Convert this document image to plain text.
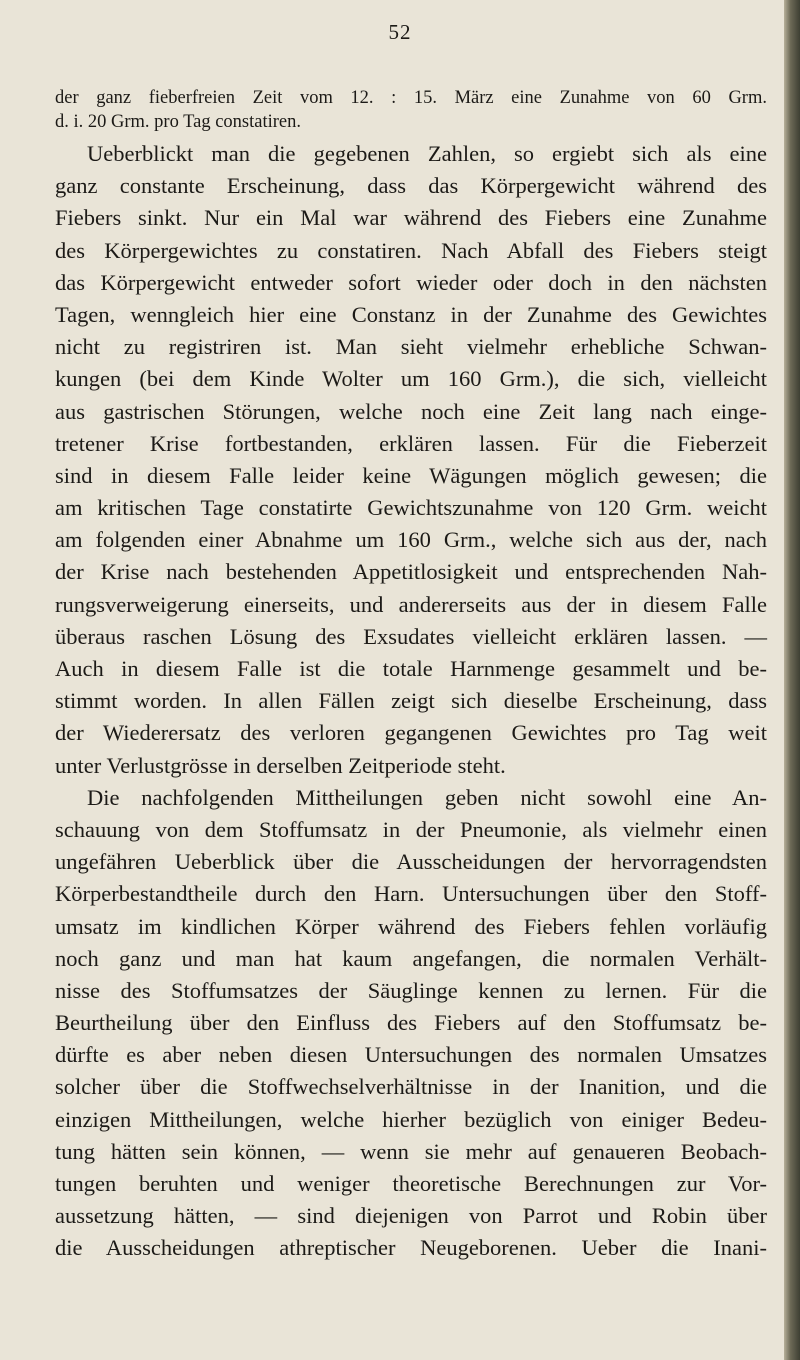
52
der ganz fieberfreien Zeit vom 12. : 15. März eine Zunahme von 60 Grm.
d. i. 20 Grm. pro Tag constatiren.
Ueberblickt man die gegebenen Zahlen, so ergiebt sich als eine
ganz constante Erscheinung, dass das Körpergewicht während des
Fiebers sinkt. Nur ein Mal war während des Fiebers eine Zunahme
des Körpergewichtes zu constatiren. Nach Abfall des Fiebers steigt
das Körpergewicht entweder sofort wieder oder doch in den nächsten
Tagen, wenngleich hier eine Constanz in der Zunahme des Gewichtes
nicht zu registriren ist. Man sieht vielmehr erhebliche Schwan-
kungen (bei dem Kinde Wolter um 160 Grm.), die sich, vielleicht
aus gastrischen Störungen, welche noch eine Zeit lang nach einge-
tretener Krise fortbestanden, erklären lassen. Für die Fieberzeit
sind in diesem Falle leider keine Wägungen möglich gewesen; die
am kritischen Tage constatirte Gewichtszunahme von 120 Grm. weicht
am folgenden einer Abnahme um 160 Grm., welche sich aus der, nach
der Krise nach bestehenden Appetitlosigkeit und entsprechenden Nah-
rungsverweigerung einerseits, und andererseits aus der in diesem Falle
überaus raschen Lösung des Exsudates vielleicht erklären lassen. —
Auch in diesem Falle ist die totale Harnmenge gesammelt und be-
stimmt worden. In allen Fällen zeigt sich dieselbe Erscheinung, dass
der Wiederersatz des verloren gegangenen Gewichtes pro Tag weit
unter Verlustgrösse in derselben Zeitperiode steht.
Die nachfolgenden Mittheilungen geben nicht sowohl eine An-
schauung von dem Stoffumsatz in der Pneumonie, als vielmehr einen
ungefähren Ueberblick über die Ausscheidungen der hervorragendsten
Körperbestandtheile durch den Harn. Untersuchungen über den Stoff-
umsatz im kindlichen Körper während des Fiebers fehlen vorläufig
noch ganz und man hat kaum angefangen, die normalen Verhält-
nisse des Stoffumsatzes der Säuglinge kennen zu lernen. Für die
Beurtheilung über den Einfluss des Fiebers auf den Stoffumsatz be-
dürfte es aber neben diesen Untersuchungen des normalen Umsatzes
solcher über die Stoffwechselverhältnisse in der Inanition, und die
einzigen Mittheilungen, welche hierher bezüglich von einiger Bedeu-
tung hätten sein können, — wenn sie mehr auf genaueren Beobach-
tungen beruhten und weniger theoretische Berechnungen zur Vor-
aussetzung hätten, — sind diejenigen von Parrot und Robin über
die Ausscheidungen athreptischer Neugeborenen. Ueber die Inani-
